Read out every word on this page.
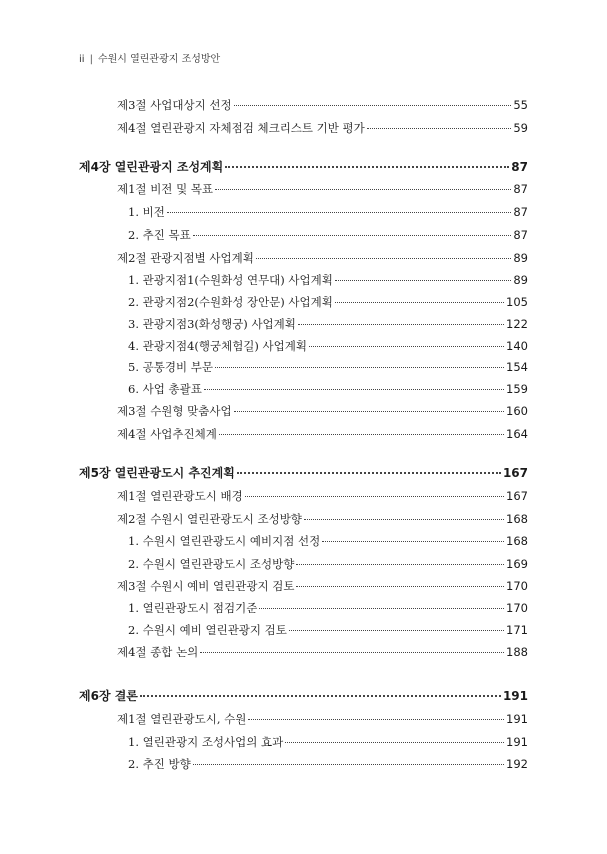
ii | 수원시 열린관광지 조성방안
제3절 사업대상지 선정	55
제4절 열린관광지 자체점검 체크리스트 기반 평가	59
제4장 열린관광지 조성계획	87
제1절 비전 및 목표	87
1. 비전	87
2. 추진 목표	87
제2절 관광지점별 사업계획	89
1. 관광지점1(수원화성 연무대) 사업계획	89
2. 관광지점2(수원화성 장안문) 사업계획	105
3. 관광지점3(화성행궁) 사업계획	122
4. 관광지점4(행궁체험길) 사업계획	140
5. 공통경비 부문	154
6. 사업 총괄표	159
제3절 수원형 맞춤사업	160
제4절 사업추진체계	164
제5장 열린관광도시 추진계획	167
제1절 열린관광도시 배경	167
제2절 수원시 열린관광도시 조성방향	168
1. 수원시 열린관광도시 예비지점 선정	168
2. 수원시 열린관광도시 조성방향	169
제3절 수원시 예비 열린관광지 검토	170
1. 열린관광도시 점검기준	170
2. 수원시 예비 열린관광지 검토	171
제4절 종합 논의	188
제6장 결론	191
제1절 열린관광도시, 수원	191
1. 열린관광지 조성사업의 효과	191
2. 추진 방향	192
